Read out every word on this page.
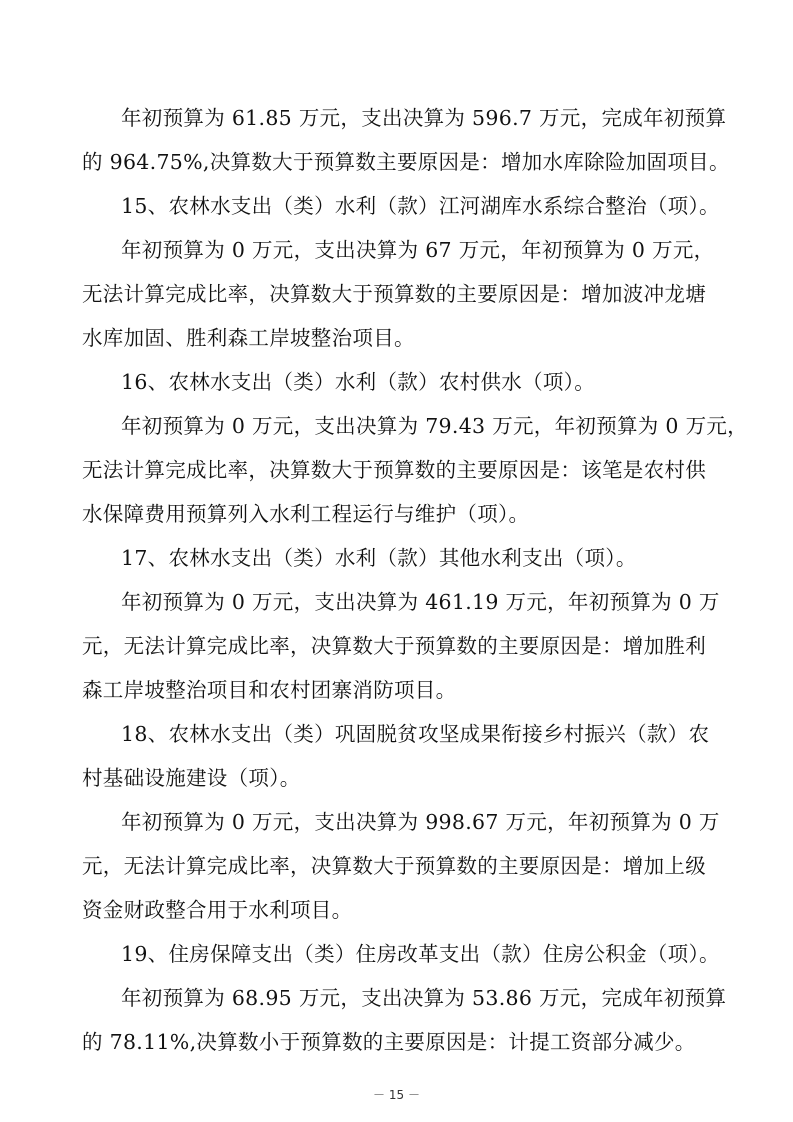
年初预算为 61.85 万元，支出决算为 596.7 万元，完成年初预算
的 964.75%,决算数大于预算数主要原因是：增加水库除险加固项目。
15、农林水支出（类）水利（款）江河湖库水系综合整治（项）。
年初预算为 0 万元，支出决算为 67 万元，年初预算为 0 万元，
无法计算完成比率，决算数大于预算数的主要原因是：增加波冲龙塘
水库加固、胜利森工岸坡整治项目。
16、农林水支出（类）水利（款）农村供水（项）。
年初预算为 0 万元，支出决算为 79.43 万元，年初预算为 0 万元，
无法计算完成比率，决算数大于预算数的主要原因是：该笔是农村供
水保障费用预算列入水利工程运行与维护（项）。
17、农林水支出（类）水利（款）其他水利支出（项）。
年初预算为 0 万元，支出决算为 461.19 万元，年初预算为 0 万
元，无法计算完成比率，决算数大于预算数的主要原因是：增加胜利
森工岸坡整治项目和农村团寨消防项目。
18、农林水支出（类）巩固脱贫攻坚成果衔接乡村振兴（款）农
村基础设施建设（项）。
年初预算为 0 万元，支出决算为 998.67 万元，年初预算为 0 万
元，无法计算完成比率，决算数大于预算数的主要原因是：增加上级
资金财政整合用于水利项目。
19、住房保障支出（类）住房改革支出（款）住房公积金（项）。
年初预算为 68.95 万元，支出决算为 53.86 万元，完成年初预算
的 78.11%,决算数小于预算数的主要原因是：计提工资部分减少。
－ 15 －
